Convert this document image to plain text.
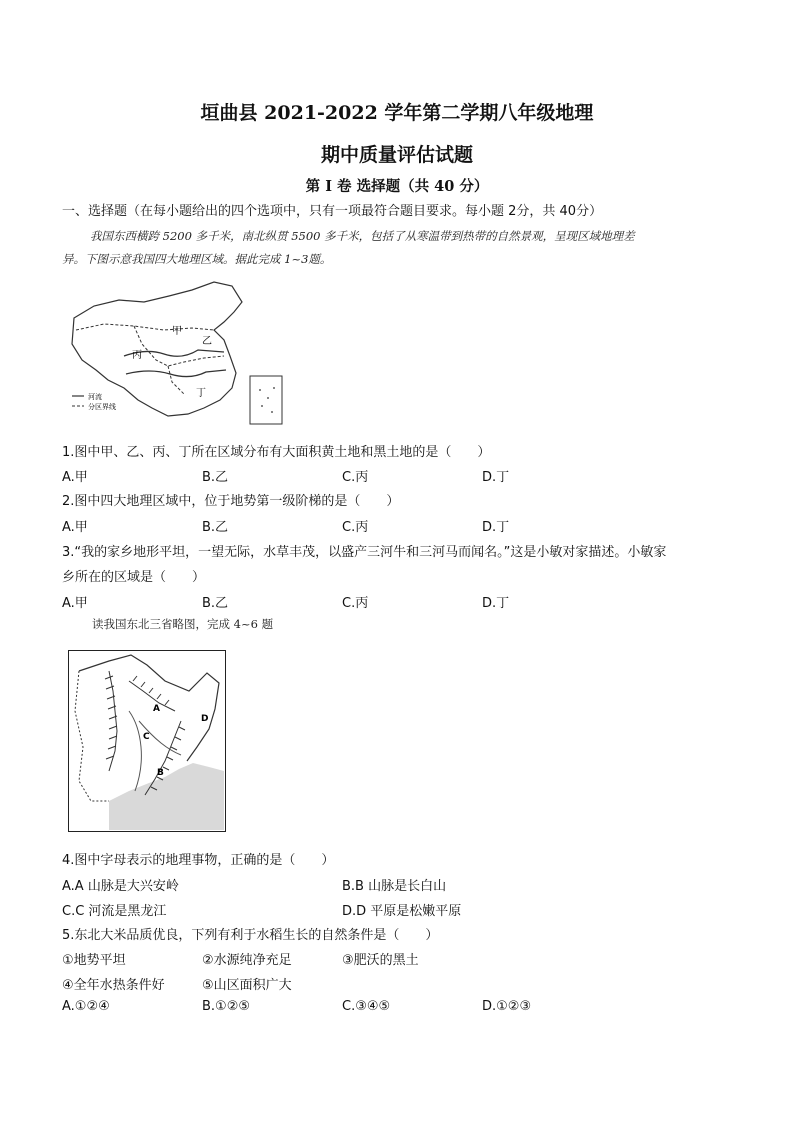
垣曲县 2021-2022 学年第二学期八年级地理
期中质量评估试题
第 I 卷 选择题（共 40 分）
一、选择题（在每小题给出的四个选项中，只有一项最符合题目要求。每小题 2分，共 40分）
我国东西横跨 5200 多千米，南北纵贯 5500 多千米，包括了从寒温带到热带的自然景观，呈现区域地理差
异。下图示意我国四大地理区域。据此完成 1~3题。
甲
乙
丙
丁
河流
分区界线
1.图中甲、乙、丙、丁所在区域分布有大面积黄土地和黑土地的是（　　）
A.甲	B.乙	C.丙	D.丁
2.图中四大地理区域中，位于地势第一级阶梯的是（　　）
A.甲	B.乙	C.丙	D.丁
3.“我的家乡地形平坦，一望无际，水草丰茂，以盛产三河牛和三河马而闻名。”这是小敏对家描述。小敏家
乡所在的区域是（　　）
A.甲	B.乙	C.丙	D.丁
读我国东北三省略图，完成 4~6 题
A
B
C
D
4.图中字母表示的地理事物，正确的是（　　）
A.A 山脉是大兴安岭	B.B 山脉是长白山
C.C 河流是黑龙江	D.D 平原是松嫩平原
5.东北大米品质优良，下列有利于水稻生长的自然条件是（　　）
①地势平坦	②水源纯净充足	③肥沃的黑土
④全年水热条件好	⑤山区面积广大
A.①②④	B.①②⑤	C.③④⑤	D.①②③
